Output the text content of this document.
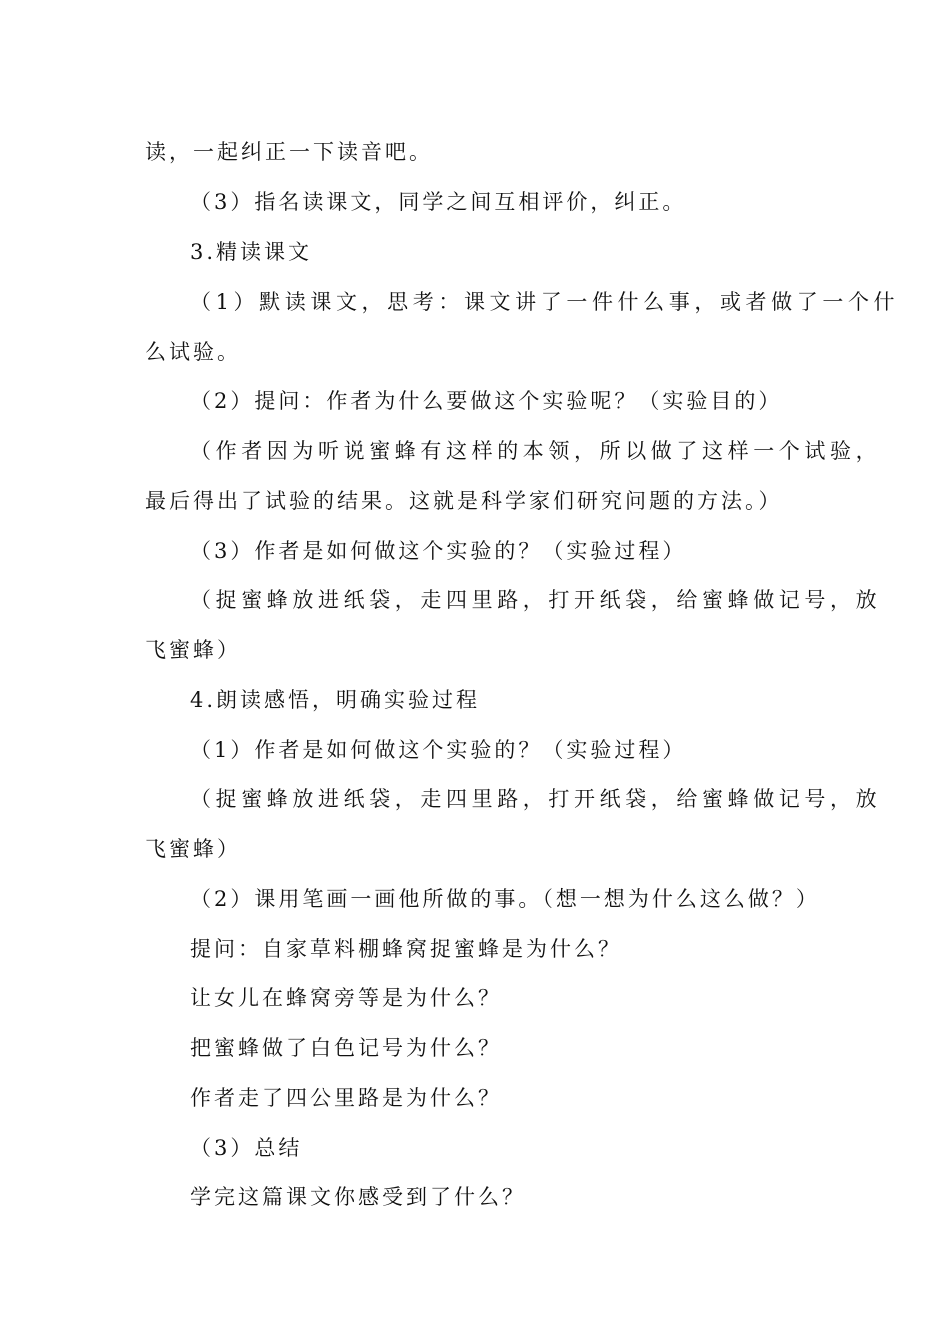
读，一起纠正一下读音吧。
（3）指名读课文，同学之间互相评价，纠正。
3.精读课文
（1）默读课文，思考：课文讲了一件什么事，或者做了一个什
么试验。
（2）提问：作者为什么要做这个实验呢？（实验目的）
（作者因为听说蜜蜂有这样的本领，所以做了这样一个试验，
最后得出了试验的结果。这就是科学家们研究问题的方法。）
（3）作者是如何做这个实验的？（实验过程）
（捉蜜蜂放进纸袋，走四里路，打开纸袋，给蜜蜂做记号，放
飞蜜蜂）
4.朗读感悟，明确实验过程
（1）作者是如何做这个实验的？（实验过程）
（捉蜜蜂放进纸袋，走四里路，打开纸袋，给蜜蜂做记号，放
飞蜜蜂）
（2）课用笔画一画他所做的事。（想一想为什么这么做？）
提问：自家草料棚蜂窝捉蜜蜂是为什么？
让女儿在蜂窝旁等是为什么？
把蜜蜂做了白色记号为什么？
作者走了四公里路是为什么？
（3）总结
学完这篇课文你感受到了什么？
